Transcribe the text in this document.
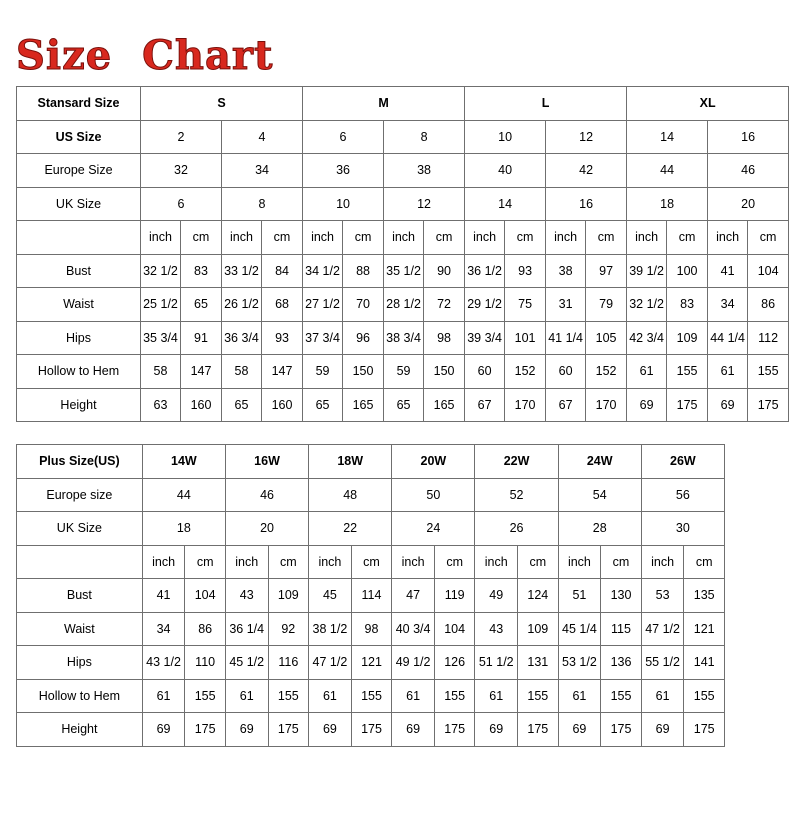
Size  Chart
Stansard Size	S				M				L				XL			
US Size	2		4		6		8		10		12		14		16	
Europe Size	32		34		36		38		40		42		44		46	
UK Size	6		8		10		12		14		16		18		20	
	inch	cm	inch	cm	inch	cm	inch	cm	inch	cm	inch	cm	inch	cm	inch	cm
Bust	32 1/2	83	33 1/2	84	34 1/2	88	35 1/2	90	36 1/2	93	38	97	39 1/2	100	41	104
Waist	25 1/2	65	26 1/2	68	27 1/2	70	28 1/2	72	29 1/2	75	31	79	32 1/2	83	34	86
Hips	35 3/4	91	36 3/4	93	37 3/4	96	38 3/4	98	39 3/4	101	41 1/4	105	42 3/4	109	44 1/4	112
Hollow to Hem	58	147	58	147	59	150	59	150	60	152	60	152	61	155	61	155
Height	63	160	65	160	65	165	65	165	67	170	67	170	69	175	69	175
Plus Size(US)	14W		16W		18W		20W		22W		24W		26W		
Europe size	44		46		48		50		52		54		56		
UK Size	18		20		22		24		26		28		30		
	inch	cm	inch	cm	inch	cm	inch	cm	inch	cm	inch	cm	inch	cm	
Bust	41	104	43	109	45	114	47	119	49	124	51	130	53	135	
Waist	34	86	36 1/4	92	38 1/2	98	40 3/4	104	43	109	45 1/4	115	47 1/2	121	
Hips	43 1/2	110	45 1/2	116	47 1/2	121	49 1/2	126	51 1/2	131	53 1/2	136	55 1/2	141	
Hollow to Hem	61	155	61	155	61	155	61	155	61	155	61	155	61	155	
Height	69	175	69	175	69	175	69	175	69	175	69	175	69	175	
